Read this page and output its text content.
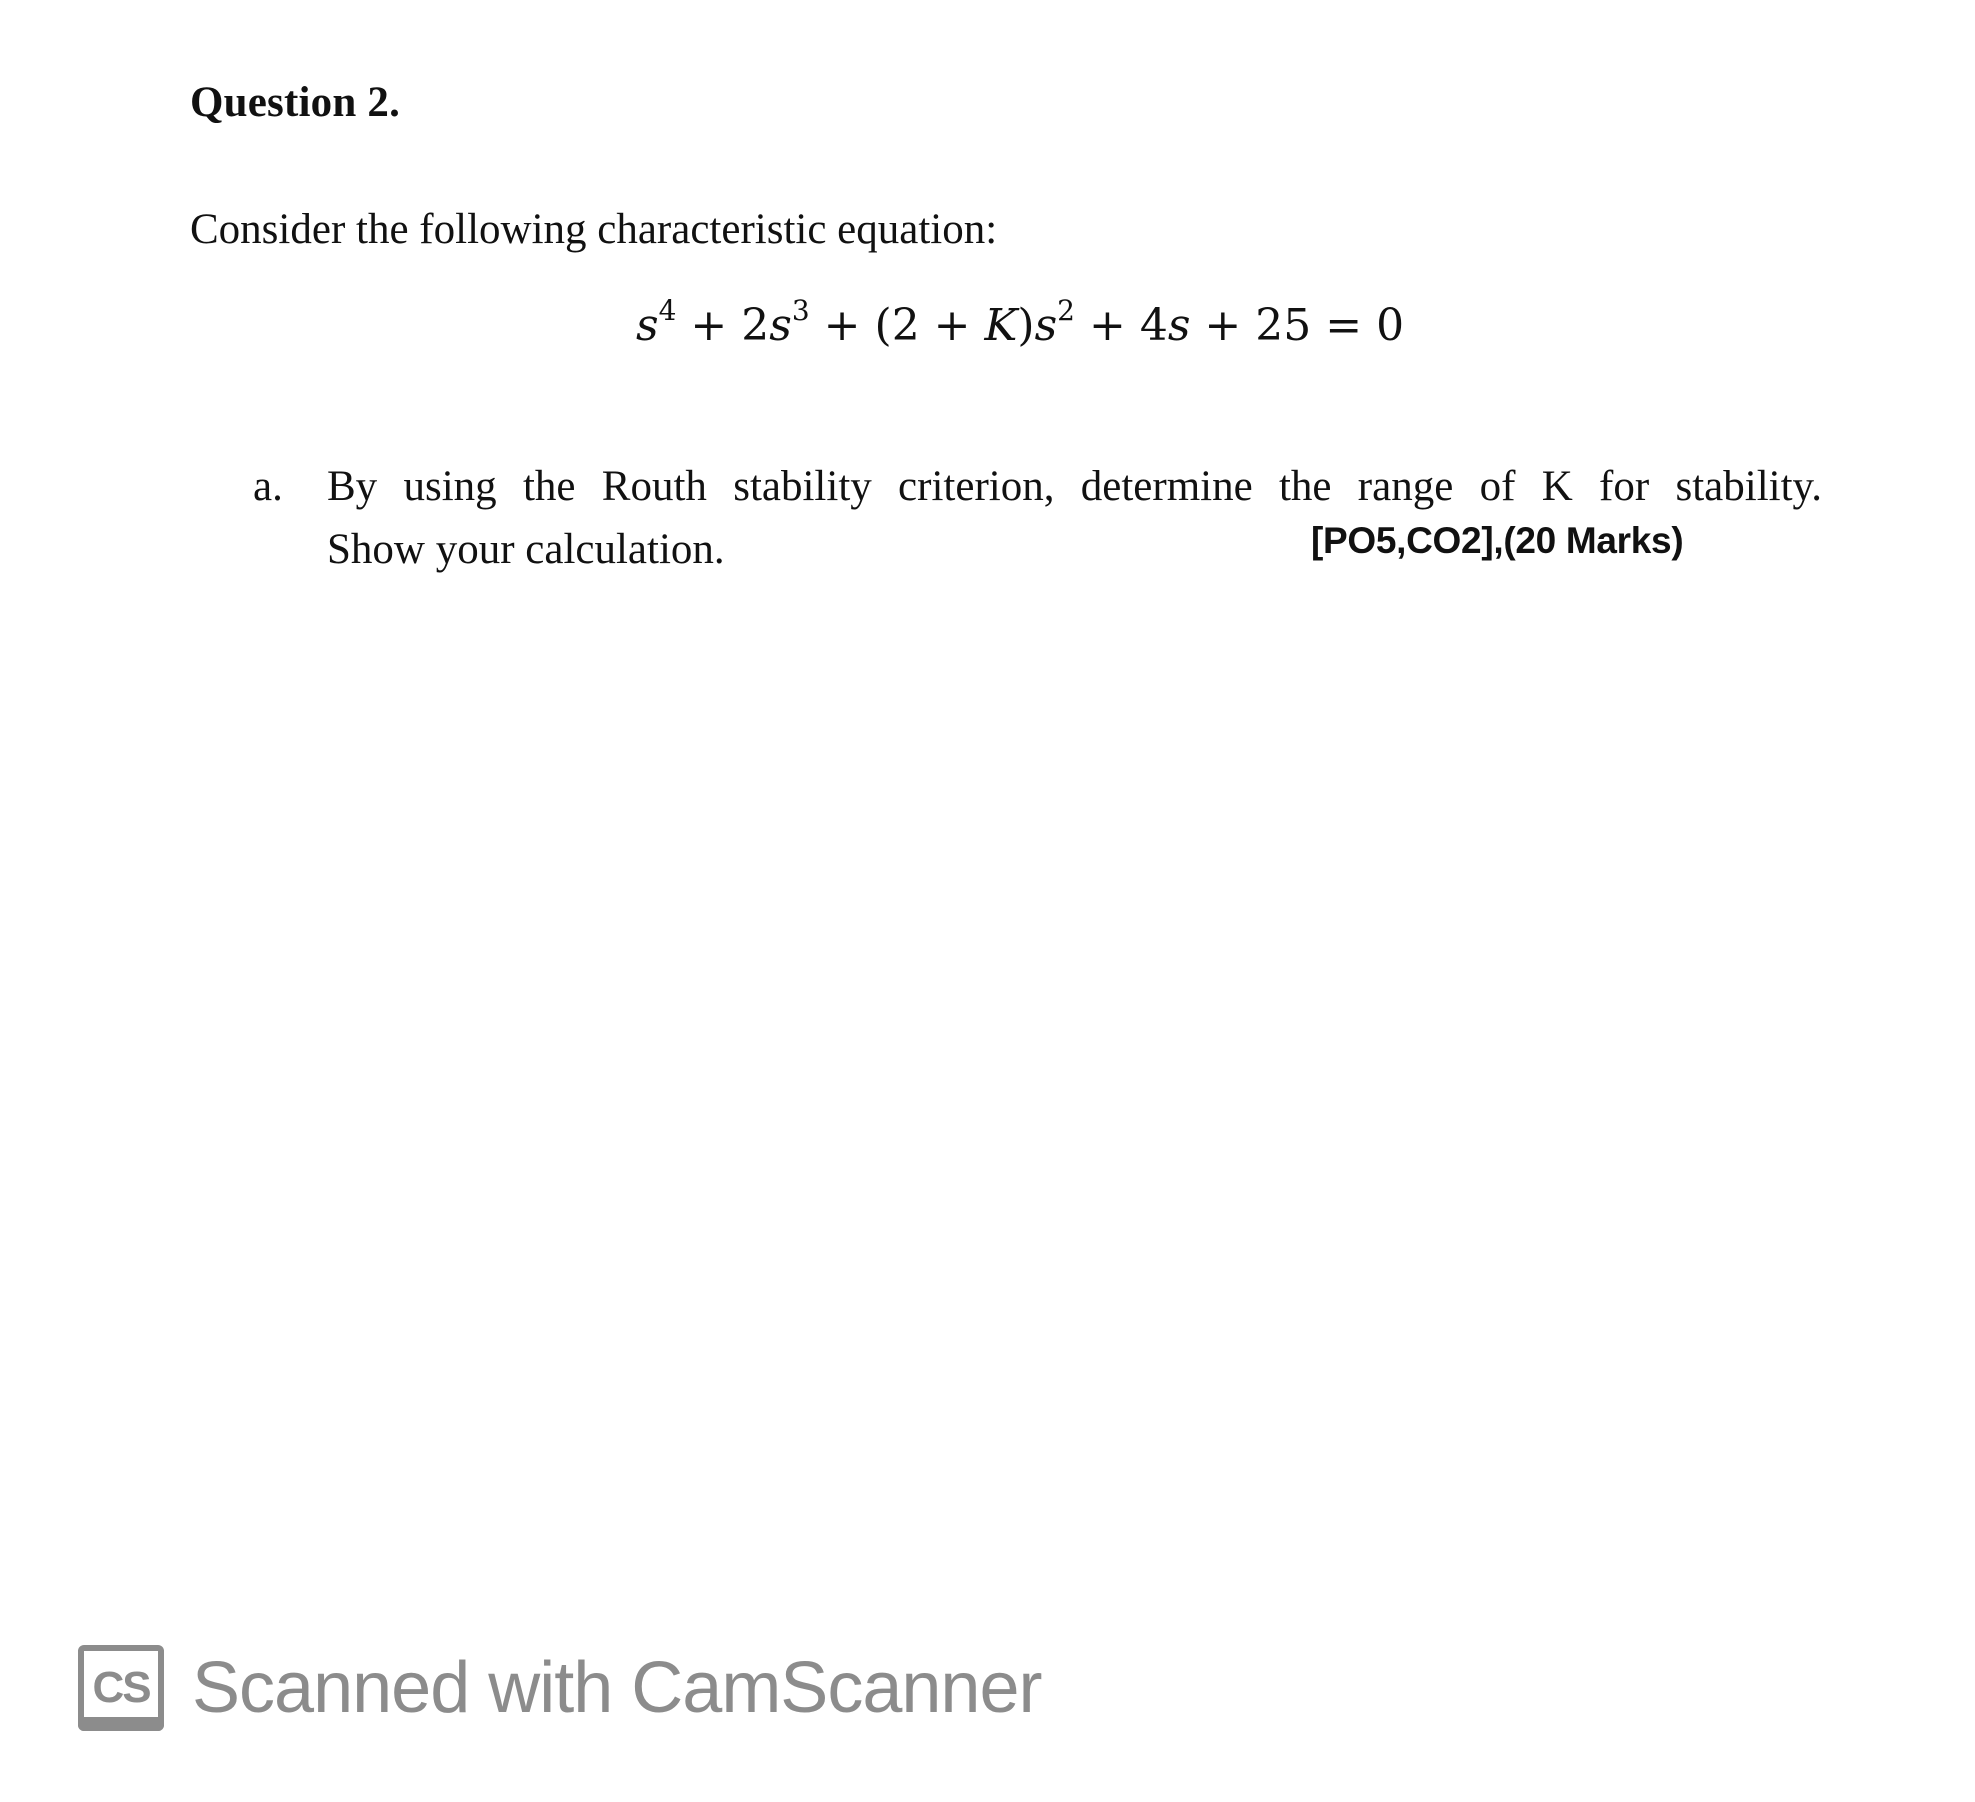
Question 2.
Consider the following characteristic equation:
$s^4 + 2s^3 + (2 + K)s^2 + 4s + 25 = 0$
a. By using the Routh stability criterion, determine the range of K for stability.
Show your calculation.	[PO5,CO2],(20 Marks)
CS Scanned with CamScanner
